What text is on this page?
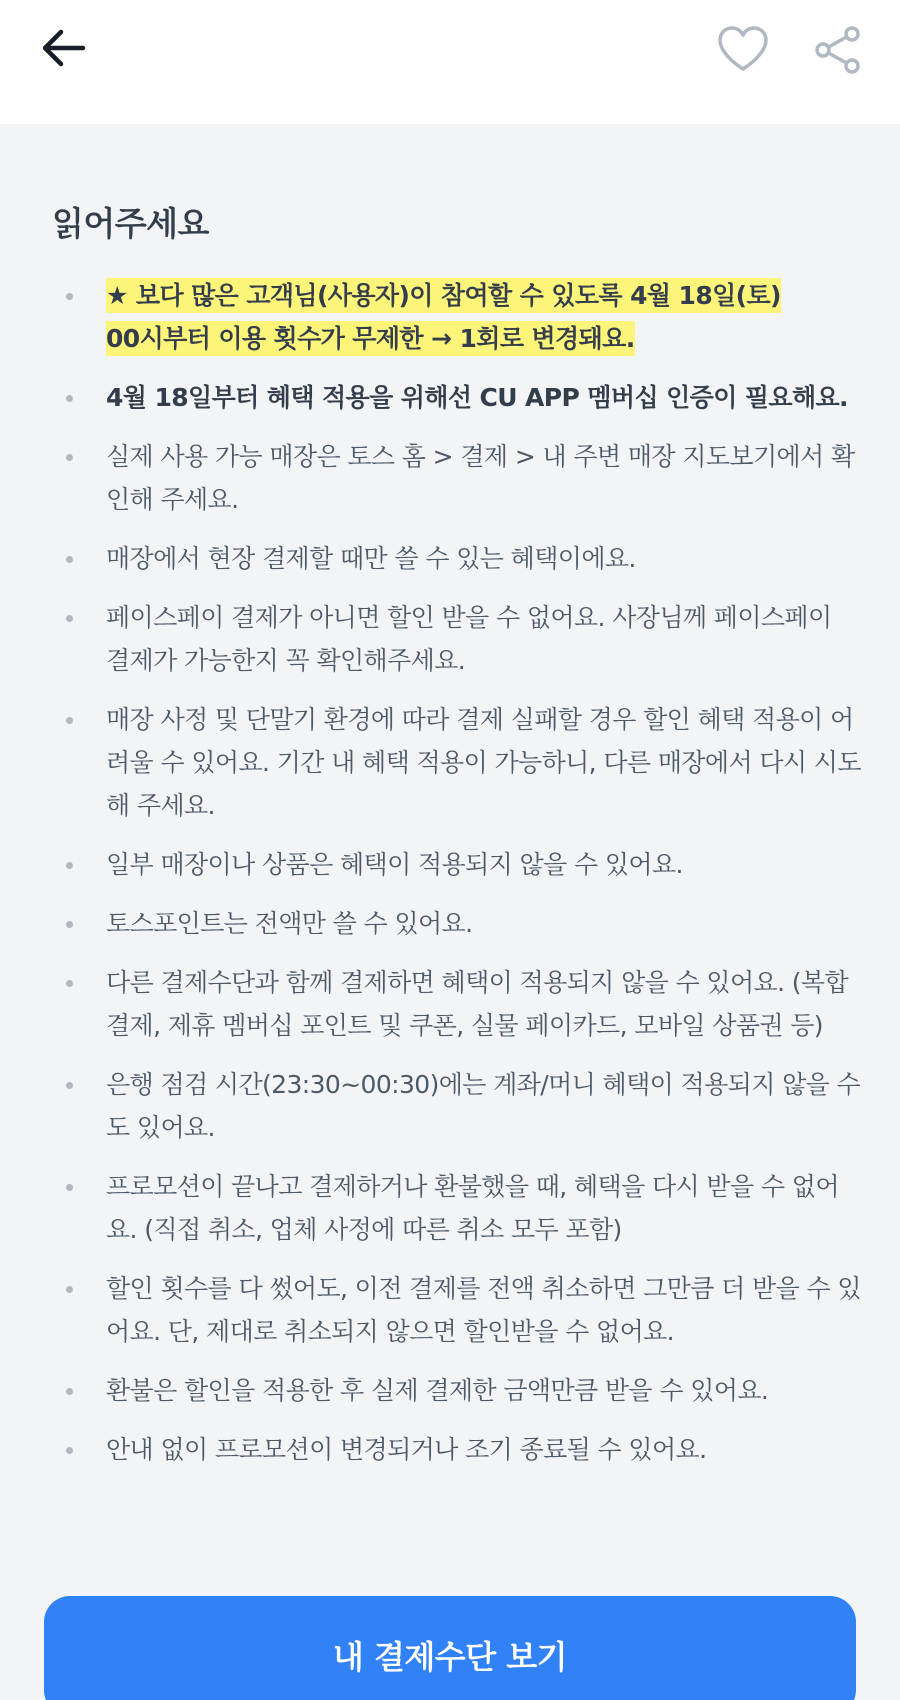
읽어주세요
★ 보다 많은 고객님(사용자)이 참여할 수 있도록 4월 18일(토)
00시부터 이용 횟수가 무제한 → 1회로 변경돼요.
4월 18일부터 혜택 적용을 위해선 CU APP 멤버십 인증이 필요해요.
실제 사용 가능 매장은 토스 홈 > 결제 > 내 주변 매장 지도보기에서 확인해 주세요.
매장에서 현장 결제할 때만 쓸 수 있는 혜택이에요.
페이스페이 결제가 아니면 할인 받을 수 없어요. 사장님께 페이스페이 결제가 가능한지 꼭 확인해주세요.
매장 사정 및 단말기 환경에 따라 결제 실패할 경우 할인 혜택 적용이 어려울 수 있어요. 기간 내 혜택 적용이 가능하니, 다른 매장에서 다시 시도해 주세요.
일부 매장이나 상품은 혜택이 적용되지 않을 수 있어요.
토스포인트는 전액만 쓸 수 있어요.
다른 결제수단과 함께 결제하면 혜택이 적용되지 않을 수 있어요. (복합결제, 제휴 멤버십 포인트 및 쿠폰, 실물 페이카드, 모바일 상품권 등)
은행 점검 시간(23:30~00:30)에는 계좌/머니 혜택이 적용되지 않을 수도 있어요.
프로모션이 끝나고 결제하거나 환불했을 때, 혜택을 다시 받을 수 없어요. (직접 취소, 업체 사정에 따른 취소 모두 포함)
할인 횟수를 다 썼어도, 이전 결제를 전액 취소하면 그만큼 더 받을 수 있어요. 단, 제대로 취소되지 않으면 할인받을 수 없어요.
환불은 할인을 적용한 후 실제 결제한 금액만큼 받을 수 있어요.
안내 없이 프로모션이 변경되거나 조기 종료될 수 있어요.
내 결제수단 보기
